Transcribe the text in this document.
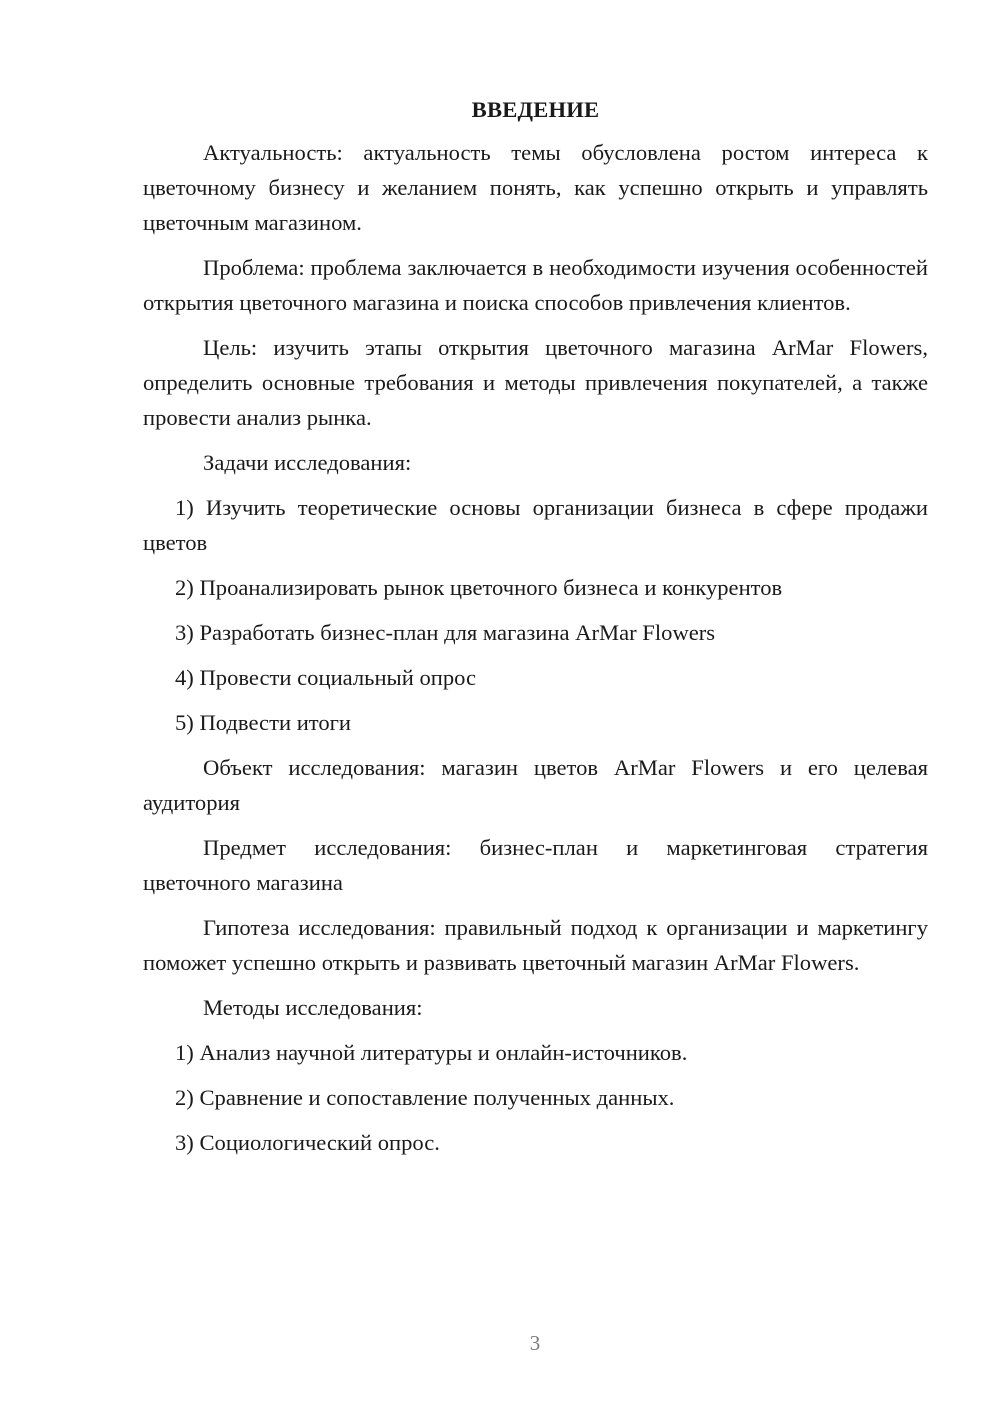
ВВЕДЕНИЕ

Актуальность: актуальность темы обусловлена ростом интереса к цветочному бизнесу и желанием понять, как успешно открыть и управлять цветочным магазином.

Проблема: проблема заключается в необходимости изучения особенностей открытия цветочного магазина и поиска способов привлечения клиентов.

Цель: изучить этапы открытия цветочного магазина ArMar Flowers, определить основные требования и методы привлечения покупателей, а также провести анализ рынка.

Задачи исследования:

1) Изучить теоретические основы организации бизнеса в сфере продажи цветов

2) Проанализировать рынок цветочного бизнеса и конкурентов

3) Разработать бизнес-план для магазина ArMar Flowers

4) Провести социальный опрос

5) Подвести итоги

Объект исследования: магазин цветов ArMar Flowers и его целевая аудитория

Предмет исследования: бизнес-план и маркетинговая стратегия цветочного магазина

Гипотеза исследования: правильный подход к организации и маркетингу поможет успешно открыть и развивать цветочный магазин ArMar Flowers.

Методы исследования:

1) Анализ научной литературы и онлайн-источников.

2) Сравнение и сопоставление полученных данных.

3) Социологический опрос.

3
